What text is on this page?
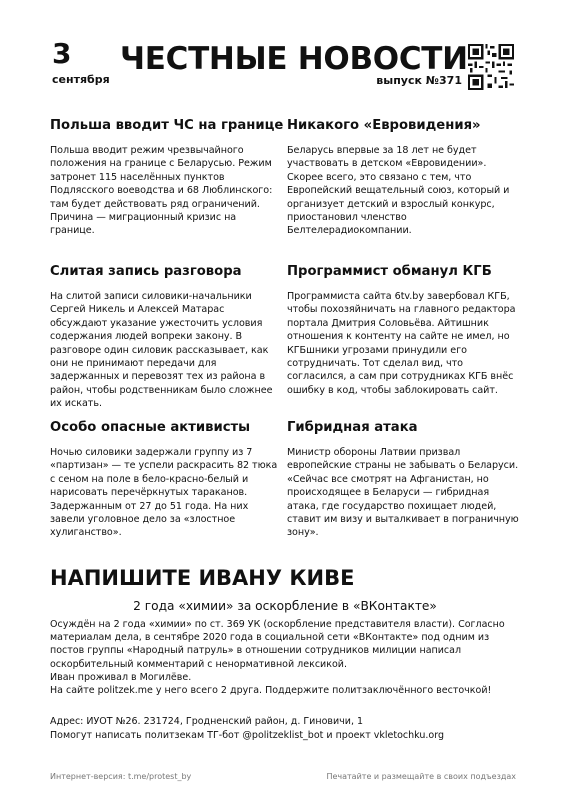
3
сентября
ЧЕСТНЫЕ НОВОСТИ
выпуск №371
Польша вводит ЧС на границе

Польша вводит режим чрезвычайного положения на границе с Беларусью. Режим затронет 115 населённых пунктов Подлясского воеводства и 68 Люблинского: там будет действовать ряд ограничений. Причина — миграционный кризис на границе.

Никакого «Евровидения»

Беларусь впервые за 18 лет не будет участвовать в детском «Евровидении». Скорее всего, это связано с тем, что Европейский вещательный союз, который и организует детский и взрослый конкурс, приостановил членство Белтелерадиокомпании.

Слитая запись разговора

На слитой записи силовики-начальники Сергей Никель и Алексей Матарас обсуждают указание ужесточить условия содержания людей вопреки закону. В разговоре один силовик рассказывает, как они не принимают передачи для задержанных и перевозят тех из района в район, чтобы родственникам было сложнее их искать.

Программист обманул КГБ

Программиста сайта 6tv.by завербовал КГБ, чтобы похозяйничать на главного редактора портала Дмитрия Соловьёва. Айтишник отношения к контенту на сайте не имел, но КГБшники угрозами принудили его сотрудничать. Тот сделал вид, что согласился, а сам при сотрудниках КГБ внёс ошибку в код, чтобы заблокировать сайт.

Особо опасные активисты

Ночью силовики задержали группу из 7 «партизан» — те успели раскрасить 82 тюка с сеном на поле в бело-красно-белый и нарисовать перечёркнутых тараканов. Задержанным от 27 до 51 года. На них завели уголовное дело за «злостное хулиганство».

Гибридная атака

Министр обороны Латвии призвал европейские страны не забывать о Беларуси. «Сейчас все смотрят на Афганистан, но происходящее в Беларуси — гибридная атака, где государство похищает людей, ставит им визу и выталкивает в пограничную зону».

НАПИШИТЕ ИВАНУ КИВЕ
2 года «химии» за оскорбление в «ВКонтакте»

Осуждён на 2 года «химии» по ст. 369 УК (оскорбление представителя власти). Согласно материалам дела, в сентябре 2020 года в социальной сети «ВКонтакте» под одним из постов группы «Народный патруль» в отношении сотрудников милиции написал оскорбительный комментарий с ненормативной лексикой.

Иван проживал в Могилёве.

На сайте politzek.me у него всего 2 друга. Поддержите политзаключённого весточкой!

Адрес: ИУОТ №26. 231724, Гродненский район, д. Гиновичи, 1

Помогут написать политзекам ТГ-бот @politzeklist_bot и проект vkletochku.org

Интернет-версия: t.me/protest_by	Печатайте и размещайте в своих подъездах
